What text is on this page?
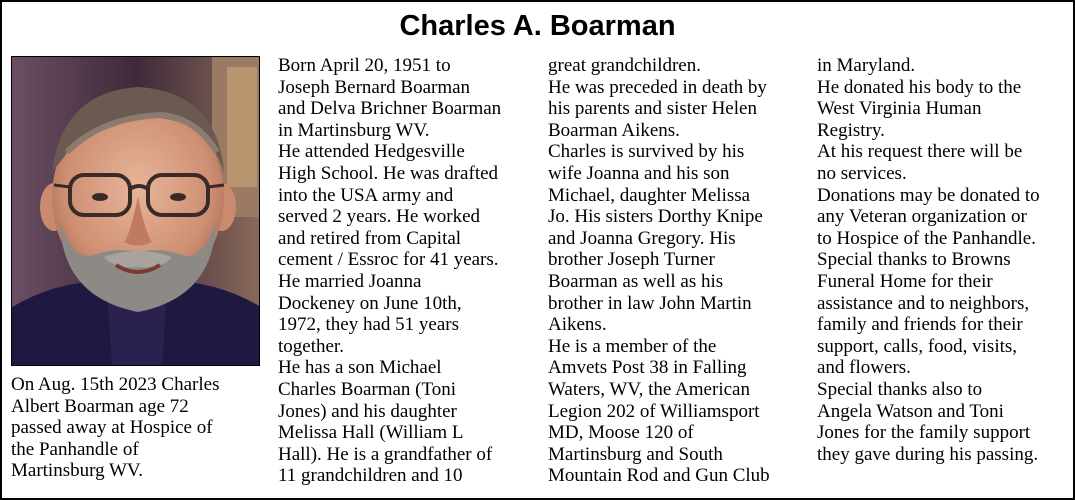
Charles A. Boarman
On Aug. 15th 2023 Charles
Albert Boarman age 72
passed away at Hospice of
the Panhandle of
Martinsburg WV.
Born April 20, 1951 to
Joseph Bernard Boarman
and Delva Brichner Boarman
in Martinsburg WV.
He attended Hedgesville
High School. He was drafted
into the USA army and
served 2 years. He worked
and retired from Capital
cement / Essroc for 41 years.
He married Joanna
Dockeney on June 10th,
1972, they had 51 years
together.
He has a son Michael
Charles Boarman (Toni
Jones) and his daughter
Melissa Hall (William L
Hall). He is a grandfather of
11 grandchildren and 10
great grandchildren.
He was preceded in death by
his parents and sister Helen
Boarman Aikens.
Charles is survived by his
wife Joanna and his son
Michael, daughter Melissa
Jo. His sisters Dorthy Knipe
and Joanna Gregory. His
brother Joseph Turner
Boarman as well as his
brother in law John Martin
Aikens.
He is a member of the
Amvets Post 38 in Falling
Waters, WV, the American
Legion 202 of Williamsport
MD, Moose 120 of
Martinsburg and South
Mountain Rod and Gun Club
in Maryland.
He donated his body to the
West Virginia Human
Registry.
At his request there will be
no services.
Donations may be donated to
any Veteran organization or
to Hospice of the Panhandle.
Special thanks to Browns
Funeral Home for their
assistance and to neighbors,
family and friends for their
support, calls, food, visits,
and flowers.
Special thanks also to
Angela Watson and Toni
Jones for the family support
they gave during his passing.
